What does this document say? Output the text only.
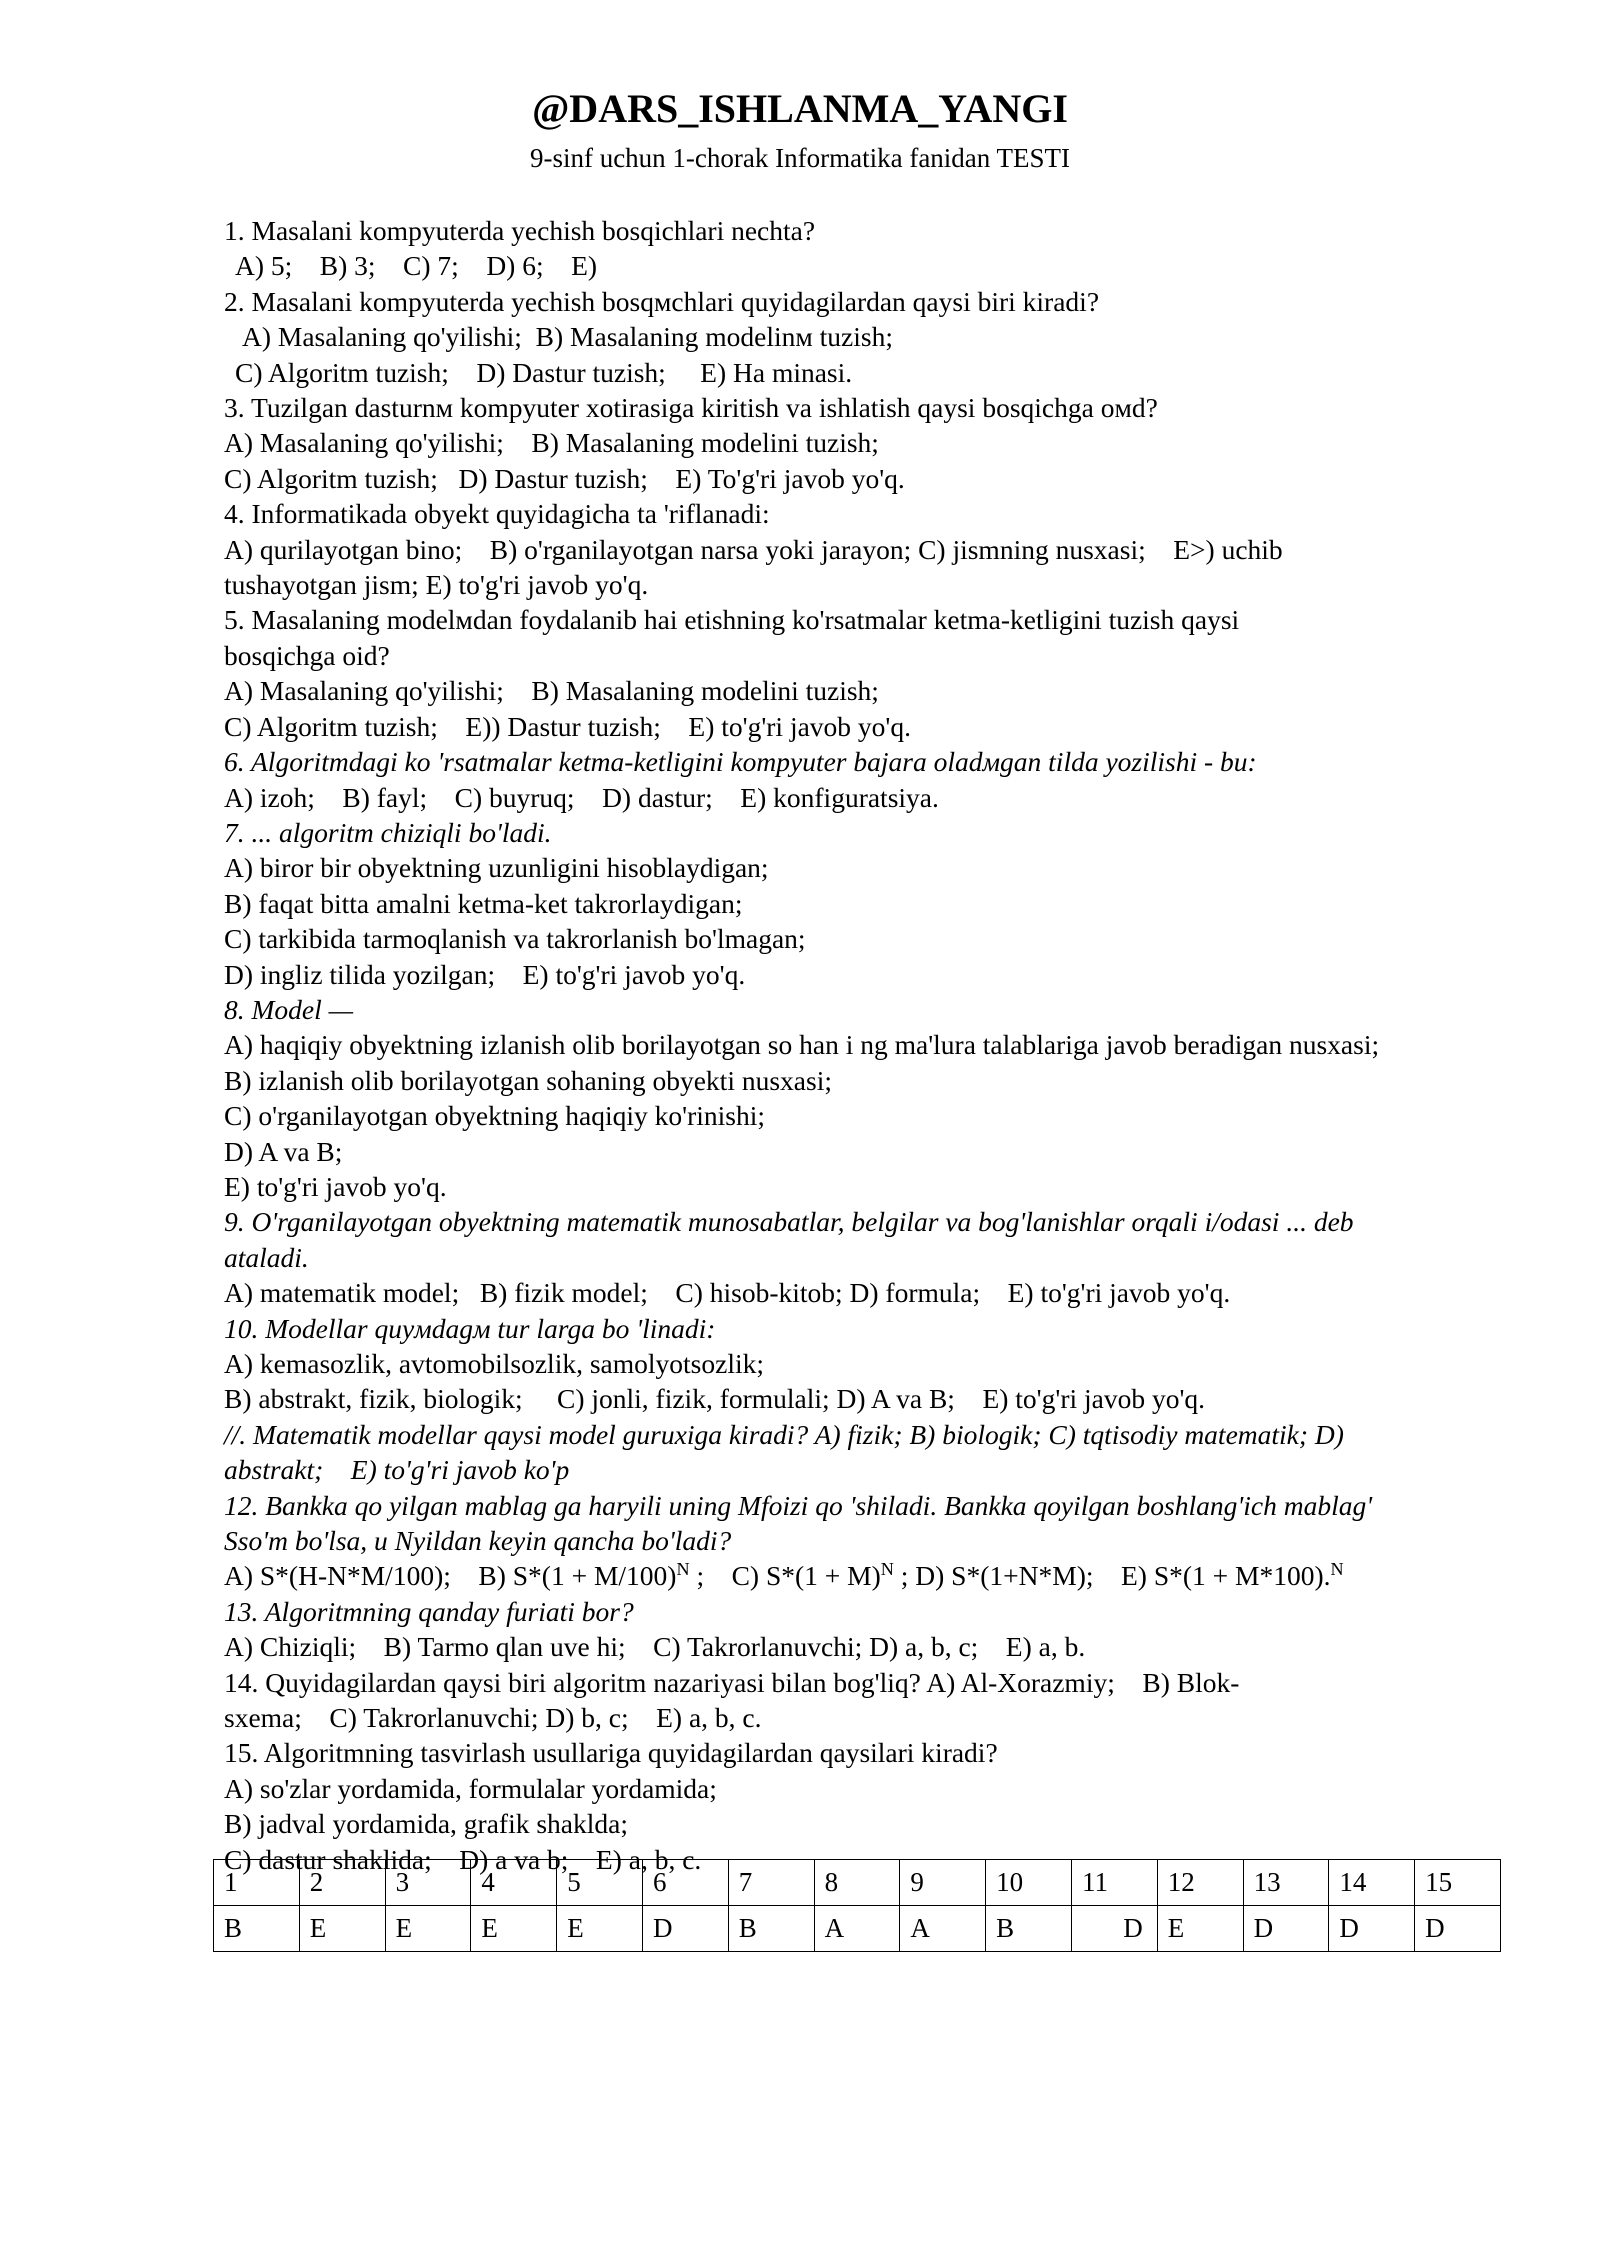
@DARS_ISHLANMA_YANGI
9-sinf uchun 1-chorak Informatika fanidan TESTI

1. Masalani kompyuterda yechish bosqichlari nechta?

A) 5;    B) 3;    C) 7;    D) 6;    E)

2. Masalani kompyuterda yechish bosqмchlari quyidagilardan qaysi biri kiradi?

A) Masalaning qo'yilishi;  B) Masalaning modelinм tuzish;

C) Algoritm tuzish;    D) Dastur tuzish;     E) Ha minasi.

3. Tuzilgan dasturnм kompyuter xotirasiga kiritish va ishlatish qaysi bosqichga oмd?

A) Masalaning qo'yilishi;    B) Masalaning modelini tuzish;

C) Algoritm tuzish;   D) Dastur tuzish;    E) To'g'ri javob yo'q.

4. Informatikada obyekt quyidagicha ta 'riflanadi:

A) qurilayotgan bino;    B) o'rganilayotgan narsa yoki jarayon; C) jismning nusxasi;    E>) uchib

tushayotgan jism; E) to'g'ri javob yo'q.

5. Masalaning modelмdan foydalanib hai etishning ko'rsatmalar ketma-ketligini tuzish qaysi

bosqichga oid?

A) Masalaning qo'yilishi;    B) Masalaning modelini tuzish;

C) Algoritm tuzish;    E)) Dastur tuzish;    E) to'g'ri javob yo'q.

6. Algoritmdagi ko 'rsatmalar ketma-ketligini kompyuter bajara oladмgan tilda yozilishi - bu:

A) izoh;    B) fayl;    C) buyruq;    D) dastur;    E) konfiguratsiya.

7. ... algoritm chiziqli bo'ladi.

A) biror bir obyektning uzunligini hisoblaydigan;

B) faqat bitta amalni ketma-ket takrorlaydigan;

C) tarkibida tarmoqlanish va takrorlanish bo'lmagan;

D) ingliz tilida yozilgan;    E) to'g'ri javob yo'q.

8. Model —

A) haqiqiy obyektning izlanish olib borilayotgan so han i ng ma'lura talablariga javob beradigan nusxasi;

B) izlanish olib borilayotgan sohaning obyekti nusxasi;

C) o'rganilayotgan obyektning haqiqiy ko'rinishi;

D) A va B;

E) to'g'ri javob yo'q.

9. O'rganilayotgan obyektning matematik munosabatlar, belgilar va bog'lanishlar orqali i/odasi ... deb

ataladi.

A) matematik model;   B) fizik model;    C) hisob-kitob; D) formula;    E) to'g'ri javob yo'q.

10. Modellar quyмdagм tur larga bo 'linadi:

A) kemasozlik, avtomobilsozlik, samolyotsozlik;

B) abstrakt, fizik, biologik;     C) jonli, fizik, formulali; D) A va B;    E) to'g'ri javob yo'q.

//. Matematik modellar qaysi model guruxiga kiradi? A) fizik; B) biologik; C) tqtisodiy matematik; D)

abstrakt;    E) to'g'ri javob ko'p

12. Bankka qo yilgan mablag ga haryili uning Mfoizi qo 'shiladi. Bankka qoyilgan boshlang'ich mablag'

Sso'm bo'lsa, u Nyildan keyin qancha bo'ladi?

A) S*(H-N*M/100);    B) $S*(1 + M/100)^N$ ;    C) $S*(1 + M)^N$ ; D) S*(1+N*M);    E) S*(1 + M*100).$^N$

13. Algoritmning qanday furiati bor?

A) Chiziqli;    B) Tarmo qlan uve hi;    C) Takrorlanuvchi; D) a, b, c;    E) a, b.

14. Quyidagilardan qaysi biri algoritm nazariyasi bilan bog'liq? A) Al-Xorazmiy;    B) Blok-

sxema;    C) Takrorlanuvchi; D) b, c;    E) a, b, c.

15. Algoritmning tasvirlash usullariga quyidagilardan qaysilari kiradi?

A) so'zlar yordamida, formulalar yordamida;

B) jadval yordamida, grafik shaklda;

C) dastur shaklida;    D) a va b;    E) a, b, c.

1	2	3	4	5	6	7	8	9	10	11	12	13	14	15
B	E	E	E	E	D	B	A	A	B	D	E	D	D	D
